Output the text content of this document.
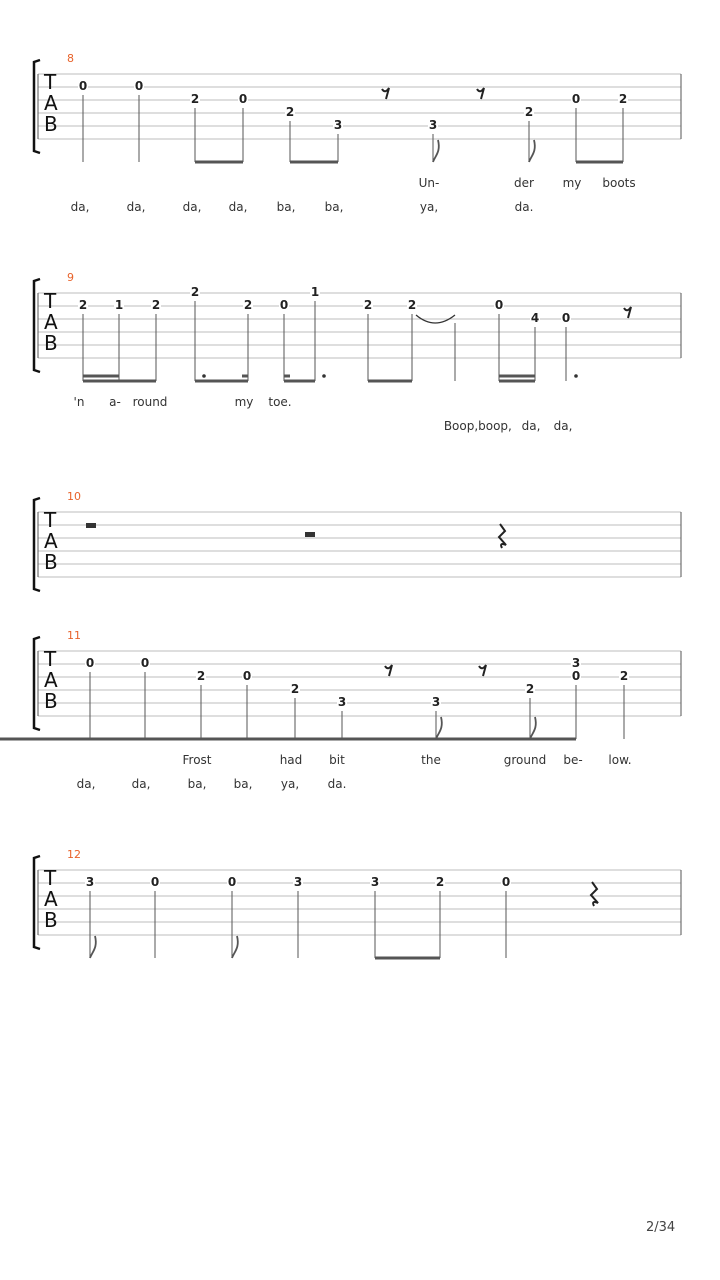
T
A
B
8
0	0
2	0
2
3	3
2
0	2
Un-	der my boots
da,	da,	da, da, ba, ba,	ya,	da.
T
A
B
9
2 1 2
2
2 0
1
2	2	0
4 0
'n a- round	my toe.
Boop, boop, da, da,
T
A
B
10
T
A
B
11
0	0
2	0
2
3	3
2
3
0	2
Frost	had bit	the	ground be- low.
da,	da,	ba, ba, ya, da.
T
A
B
12
3	0	0	3	3	2	0
2/34
